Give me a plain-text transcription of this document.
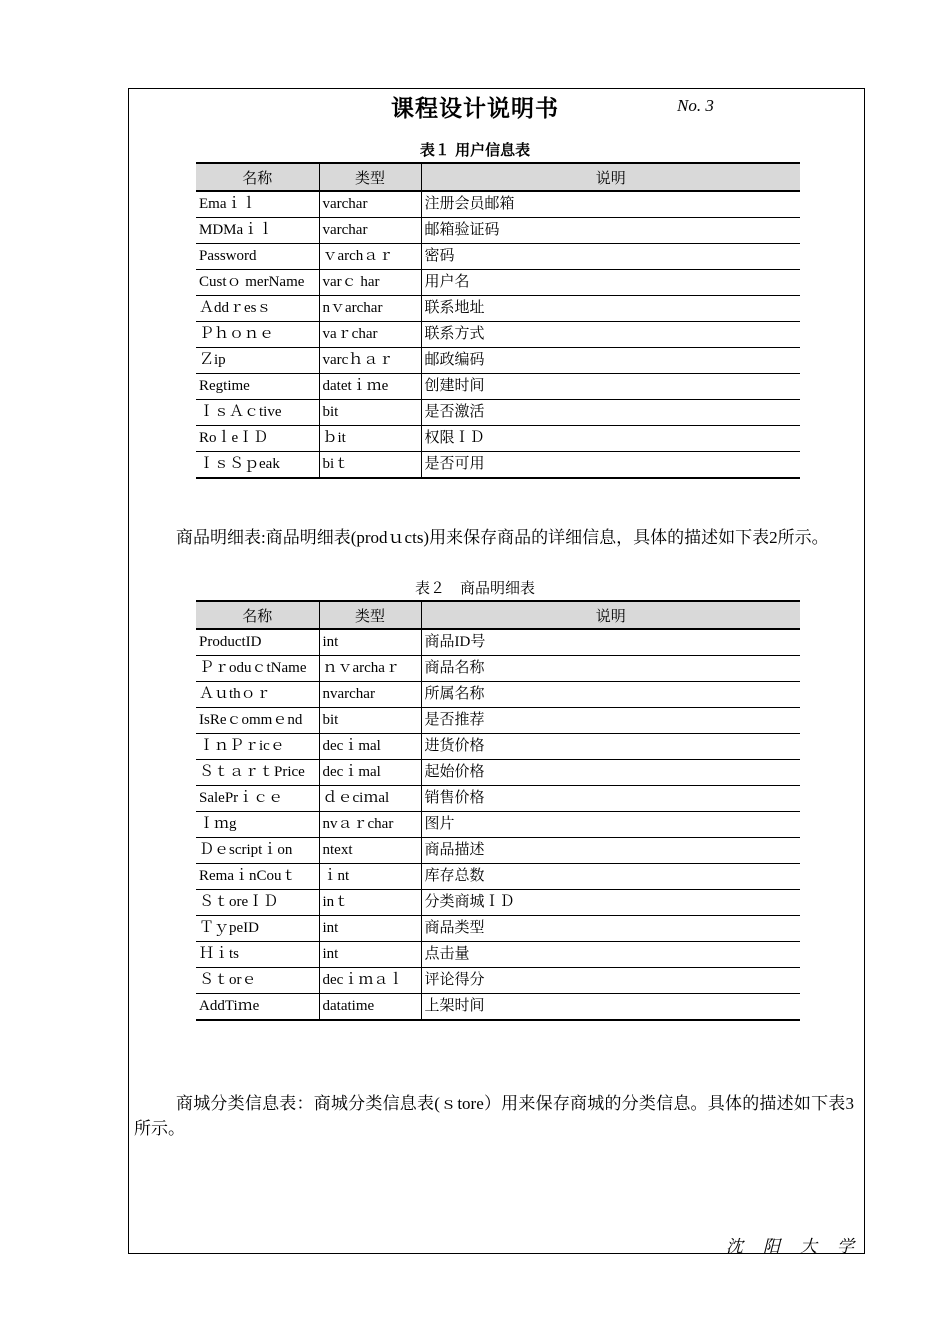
课程设计说明书	No. 3
表１ 用户信息表
名称	类型	说明
Emaｉｌ	varchar	注册会员邮箱
MDMaｉｌ	varchar	邮箱验证码
Password	ｖarchａｒ	密码
Custｏ merName	varｃ har	用户名
Ａddｒesｓ	nｖarchar	联系地址
Ｐｈｏｎｅ	vaｒchar	联系方式
Ｚip	varcｈａｒ	邮政编码
Regtime	datetｉｍe	创建时间
ＩｓＡｃtive	bit	是否激活
RoｌeＩＤ	ｂit	权限ＩＤ
ＩｓＳｐeak	biｔ	是否可用
商品明细表:商品明细表(prodｕcts)用来保存商品的详细信息，具体的描述如下表2所示。
表２　商品明细表
名称	类型	说明
ProductID	int	商品ID号
ＰｒoduｃtName	ｎｖarchaｒ	商品名称
Ａｕthｏｒ	nvarchar	所属名称
IsReｃommｅnd	bit	是否推荐
ＩｎＰｒicｅ	decｉmal	进货价格
ＳｔａｒｔPrice	decｉmal	起始价格
SalePrｉｃｅ	ｄｅciｍal	销售价格
Ｉｍg	nvａｒchar	图片
Ｄｅscriptｉon	ntext	商品描述
RemaｉnCouｔ	ｉnt	库存总数
ＳｔoreＩＤ	inｔ	分类商城ＩＤ
ＴｙpeID	int	商品类型
Ｈｉts	int	点击量
Ｓｔorｅ	decｉｍａｌ	评论得分
AddTiｍe	datatime	上架时间
商城分类信息表：商城分类信息表(ｓtore）用来保存商城的分类信息。具体的描述如下表3所示。
沈阳大学
